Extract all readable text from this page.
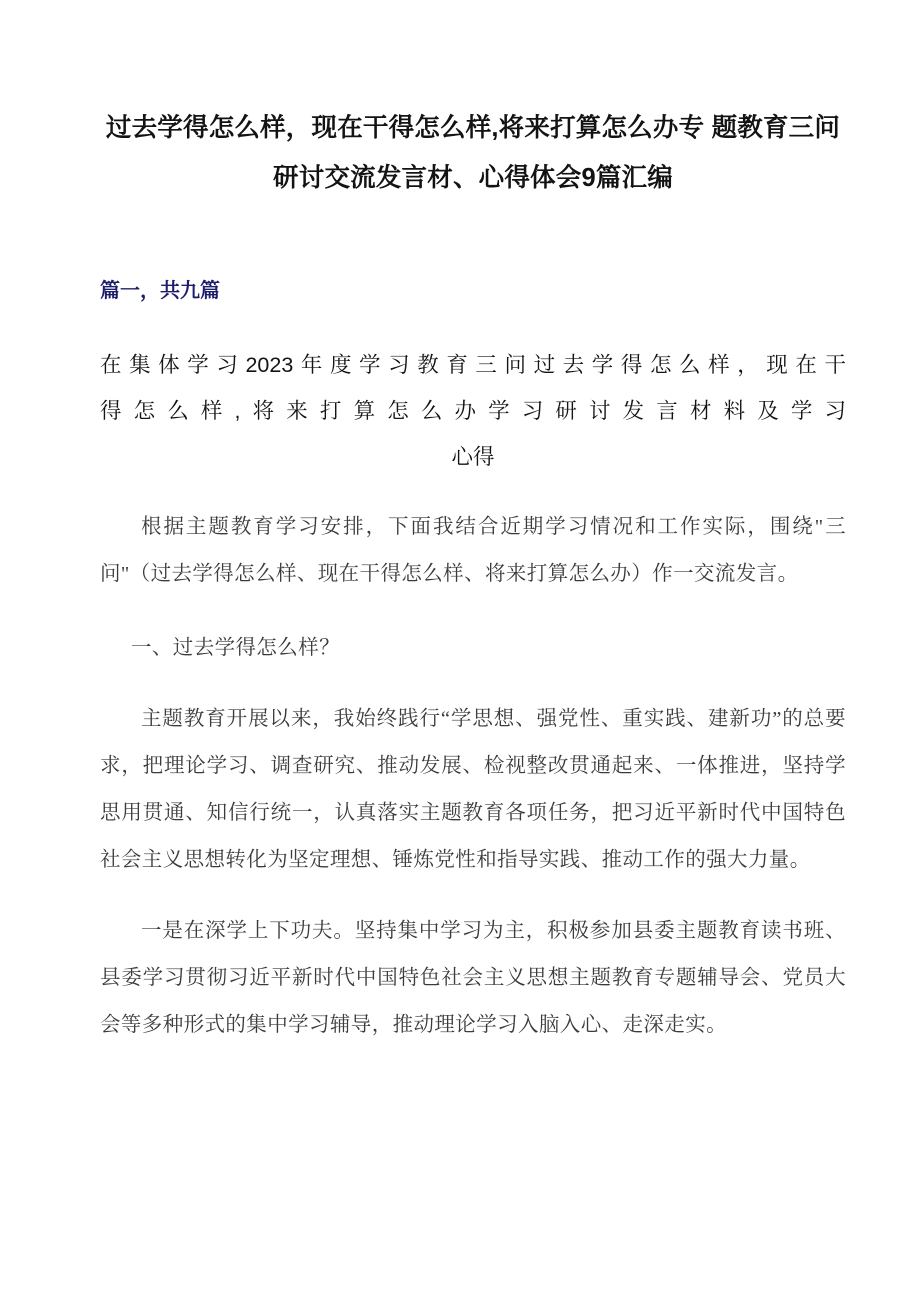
过去学得怎么样，现在干得怎么样,将来打算怎么办专 题教育三问研讨交流发言材、心得体会9篇汇编

篇一，共九篇

在集体学习2023年度学习教育三问过去学得怎么样，现在干
得怎么样,将来打算怎么办学习研讨发言材料及学习
心得

根据主题教育学习安排，下面我结合近期学习情况和工作实际，围绕"三问"（过去学得怎么样、现在干得怎么样、将来打算怎么办）作一交流发言。

一、过去学得怎么样？

主题教育开展以来，我始终践行“学思想、强党性、重实践、建新功”的总要求，把理论学习、调查研究、推动发展、检视整改贯通起来、一体推进，坚持学思用贯通、知信行统一，认真落实主题教育各项任务，把习近平新时代中国特色社会主义思想转化为坚定理想、锤炼党性和指导实践、推动工作的强大力量。

一是在深学上下功夫。坚持集中学习为主，积极参加县委主题教育读书班、县委学习贯彻习近平新时代中国特色社会主义思想主题教育专题辅导会、党员大会等多种形式的集中学习辅导，推动理论学习入脑入心、走深走实。
